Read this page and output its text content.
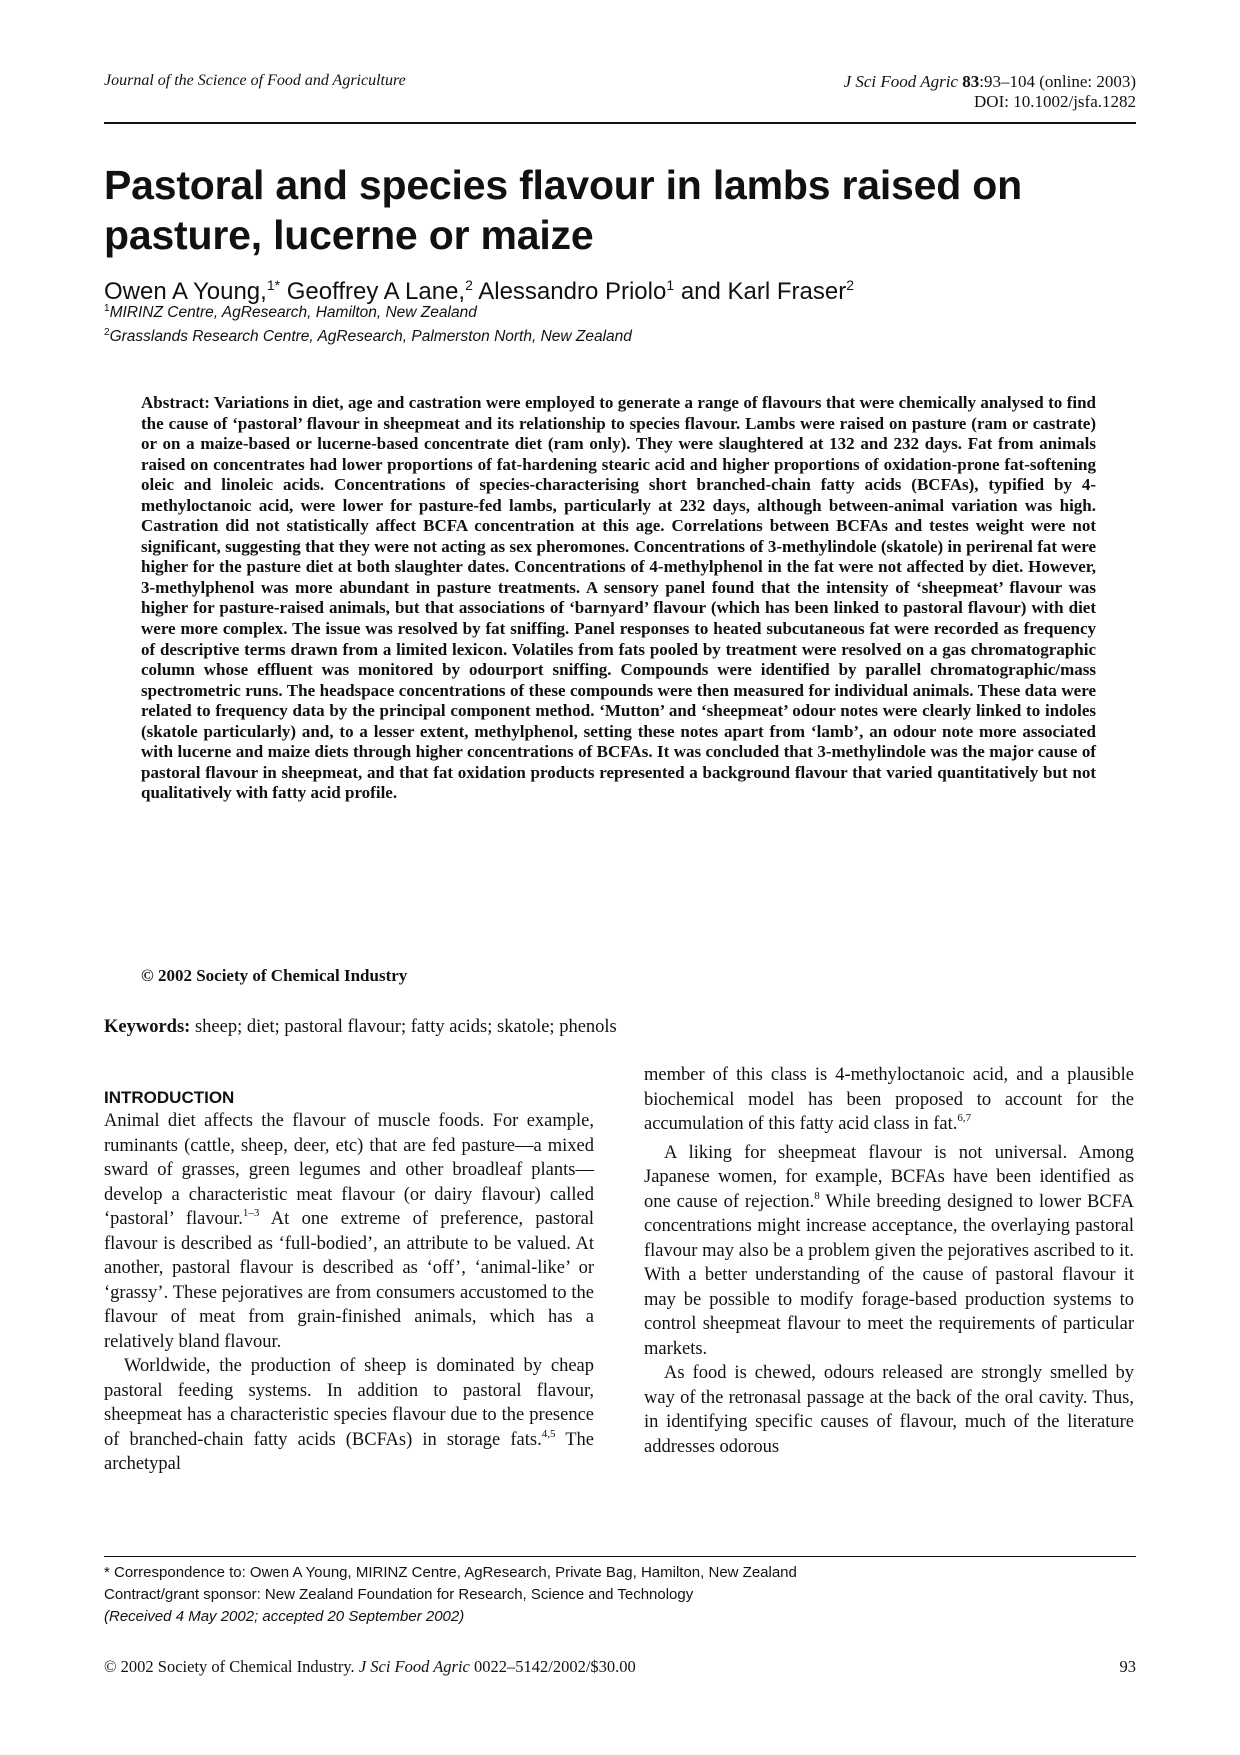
Journal of the Science of Food and Agriculture	J Sci Food Agric 83:93–104 (online: 2003)
DOI: 10.1002/jsfa.1282
Pastoral and species flavour in lambs raised on pasture, lucerne or maize
Owen A Young,$^{1*}$ Geoffrey A Lane,$^2$ Alessandro Priolo$^1$ and Karl Fraser$^2$
$^1$MIRINZ Centre, AgResearch, Hamilton, New Zealand
$^2$Grasslands Research Centre, AgResearch, Palmerston North, New Zealand

Abstract: Variations in diet, age and castration were employed to generate a range of flavours that were chemically analysed to find the cause of ‘pastoral’ flavour in sheepmeat and its relationship to species flavour. Lambs were raised on pasture (ram or castrate) or on a maize-based or lucerne-based concentrate diet (ram only). They were slaughtered at 132 and 232 days. Fat from animals raised on concentrates had lower proportions of fat-hardening stearic acid and higher proportions of oxidation-prone fat-softening oleic and linoleic acids. Concentrations of species-characterising short branched-chain fatty acids (BCFAs), typified by 4-methyloctanoic acid, were lower for pasture-fed lambs, particularly at 232 days, although between-animal variation was high. Castration did not statistically affect BCFA concentration at this age. Correlations between BCFAs and testes weight were not significant, suggesting that they were not acting as sex pheromones. Concentrations of 3-methylindole (skatole) in perirenal fat were higher for the pasture diet at both slaughter dates. Concentrations of 4-methylphenol in the fat were not affected by diet. However, 3-methylphenol was more abundant in pasture treatments. A sensory panel found that the intensity of ‘sheepmeat’ flavour was higher for pasture-raised animals, but that associations of ‘barnyard’ flavour (which has been linked to pastoral flavour) with diet were more complex. The issue was resolved by fat sniffing. Panel responses to heated subcutaneous fat were recorded as frequency of descriptive terms drawn from a limited lexicon. Volatiles from fats pooled by treatment were resolved on a gas chromatographic column whose effluent was monitored by odourport sniffing. Compounds were identified by parallel chromatographic/mass spectrometric runs. The headspace concentrations of these compounds were then measured for individual animals. These data were related to frequency data by the principal component method. ‘Mutton’ and ‘sheepmeat’ odour notes were clearly linked to indoles (skatole particularly) and, to a lesser extent, methylphenol, setting these notes apart from ‘lamb’, an odour note more associated with lucerne and maize diets through higher concentrations of BCFAs. It was concluded that 3-methylindole was the major cause of pastoral flavour in sheepmeat, and that fat oxidation products represented a background flavour that varied quantitatively but not qualitatively with fatty acid profile.

© 2002 Society of Chemical Industry
Keywords: sheep; diet; pastoral flavour; fatty acids; skatole; phenols
INTRODUCTION

Animal diet affects the flavour of muscle foods. For example, ruminants (cattle, sheep, deer, etc) that are fed pasture—a mixed sward of grasses, green legumes and other broadleaf plants—develop a characteristic meat flavour (or dairy flavour) called ‘pastoral’ flavour.$^{1-3}$ At one extreme of preference, pastoral flavour is described as ‘full-bodied’, an attribute to be valued. At another, pastoral flavour is described as ‘off’, ‘animal-like’ or ‘grassy’. These pejoratives are from consumers accustomed to the flavour of meat from grain-finished animals, which has a relatively bland flavour.

Worldwide, the production of sheep is dominated by cheap pastoral feeding systems. In addition to pastoral flavour, sheepmeat has a characteristic species flavour due to the presence of branched-chain fatty acids (BCFAs) in storage fats.$^{4,5}$ The archetypal

member of this class is 4-methyloctanoic acid, and a plausible biochemical model has been proposed to account for the accumulation of this fatty acid class in fat.$^{6,7}$

A liking for sheepmeat flavour is not universal. Among Japanese women, for example, BCFAs have been identified as one cause of rejection.$^8$ While breeding designed to lower BCFA concentrations might increase acceptance, the overlaying pastoral flavour may also be a problem given the pejoratives ascribed to it. With a better understanding of the cause of pastoral flavour it may be possible to modify forage-based production systems to control sheepmeat flavour to meet the requirements of particular markets.

As food is chewed, odours released are strongly smelled by way of the retronasal passage at the back of the oral cavity. Thus, in identifying specific causes of flavour, much of the literature addresses odorous

* Correspondence to: Owen A Young, MIRINZ Centre, AgResearch, Private Bag, Hamilton, New Zealand
Contract/grant sponsor: New Zealand Foundation for Research, Science and Technology
(Received 4 May 2002; accepted 20 September 2002)
© 2002 Society of Chemical Industry. J Sci Food Agric 0022–5142/2002/$30.00	93
